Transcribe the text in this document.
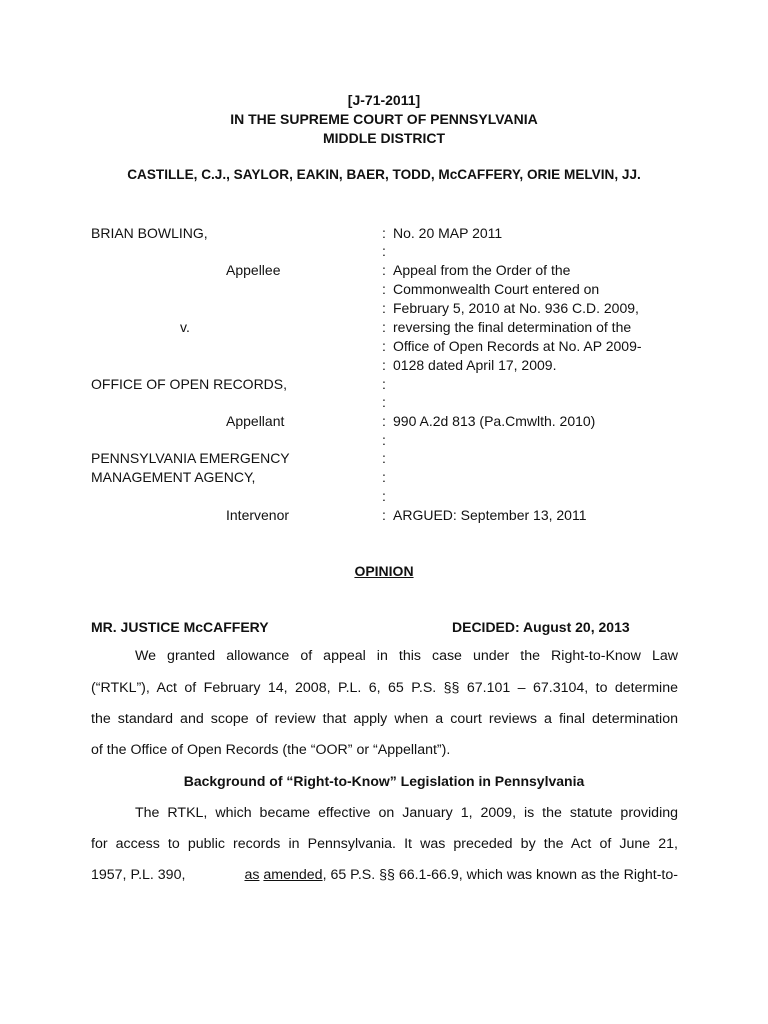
[J-71-2011]
IN THE SUPREME COURT OF PENNSYLVANIA
MIDDLE DISTRICT
CASTILLE, C.J., SAYLOR, EAKIN, BAER, TODD, McCAFFERY, ORIE MELVIN, JJ.
BRIAN BOWLING,
Appellee
v.
OFFICE OF OPEN RECORDS,
Appellant
PENNSYLVANIA EMERGENCY
MANAGEMENT AGENCY,
Intervenor
:
:
:
:
:
:
:
:
:
:
:
:
:
:
:
:
No. 20 MAP 2011
Appeal from the Order of the
Commonwealth Court entered on
February 5, 2010 at No. 936 C.D. 2009,
reversing the final determination of the
Office of Open Records at No. AP 2009-
0128 dated April 17, 2009.
990 A.2d 813 (Pa.Cmwlth. 2010)
ARGUED: September 13, 2011
OPINION
MR. JUSTICE McCAFFERY	DECIDED: August 20, 2013
We granted allowance of appeal in this case under the Right-to-Know Law
(“RTKL”), Act of February 14, 2008, P.L. 6, 65 P.S. §§ 67.101 – 67.3104, to determine
the standard and scope of review that apply when a court reviews a final determination
of the Office of Open Records (the “OOR” or “Appellant”).
Background of “Right-to-Know” Legislation in Pennsylvania
The RTKL, which became effective on January 1, 2009, is the statute providing
for access to public records in Pennsylvania. It was preceded by the Act of June 21,
1957, P.L. 390,	as
amended , 65 P.S. §§ 66.1-66.9, which was known as the Right-to-
